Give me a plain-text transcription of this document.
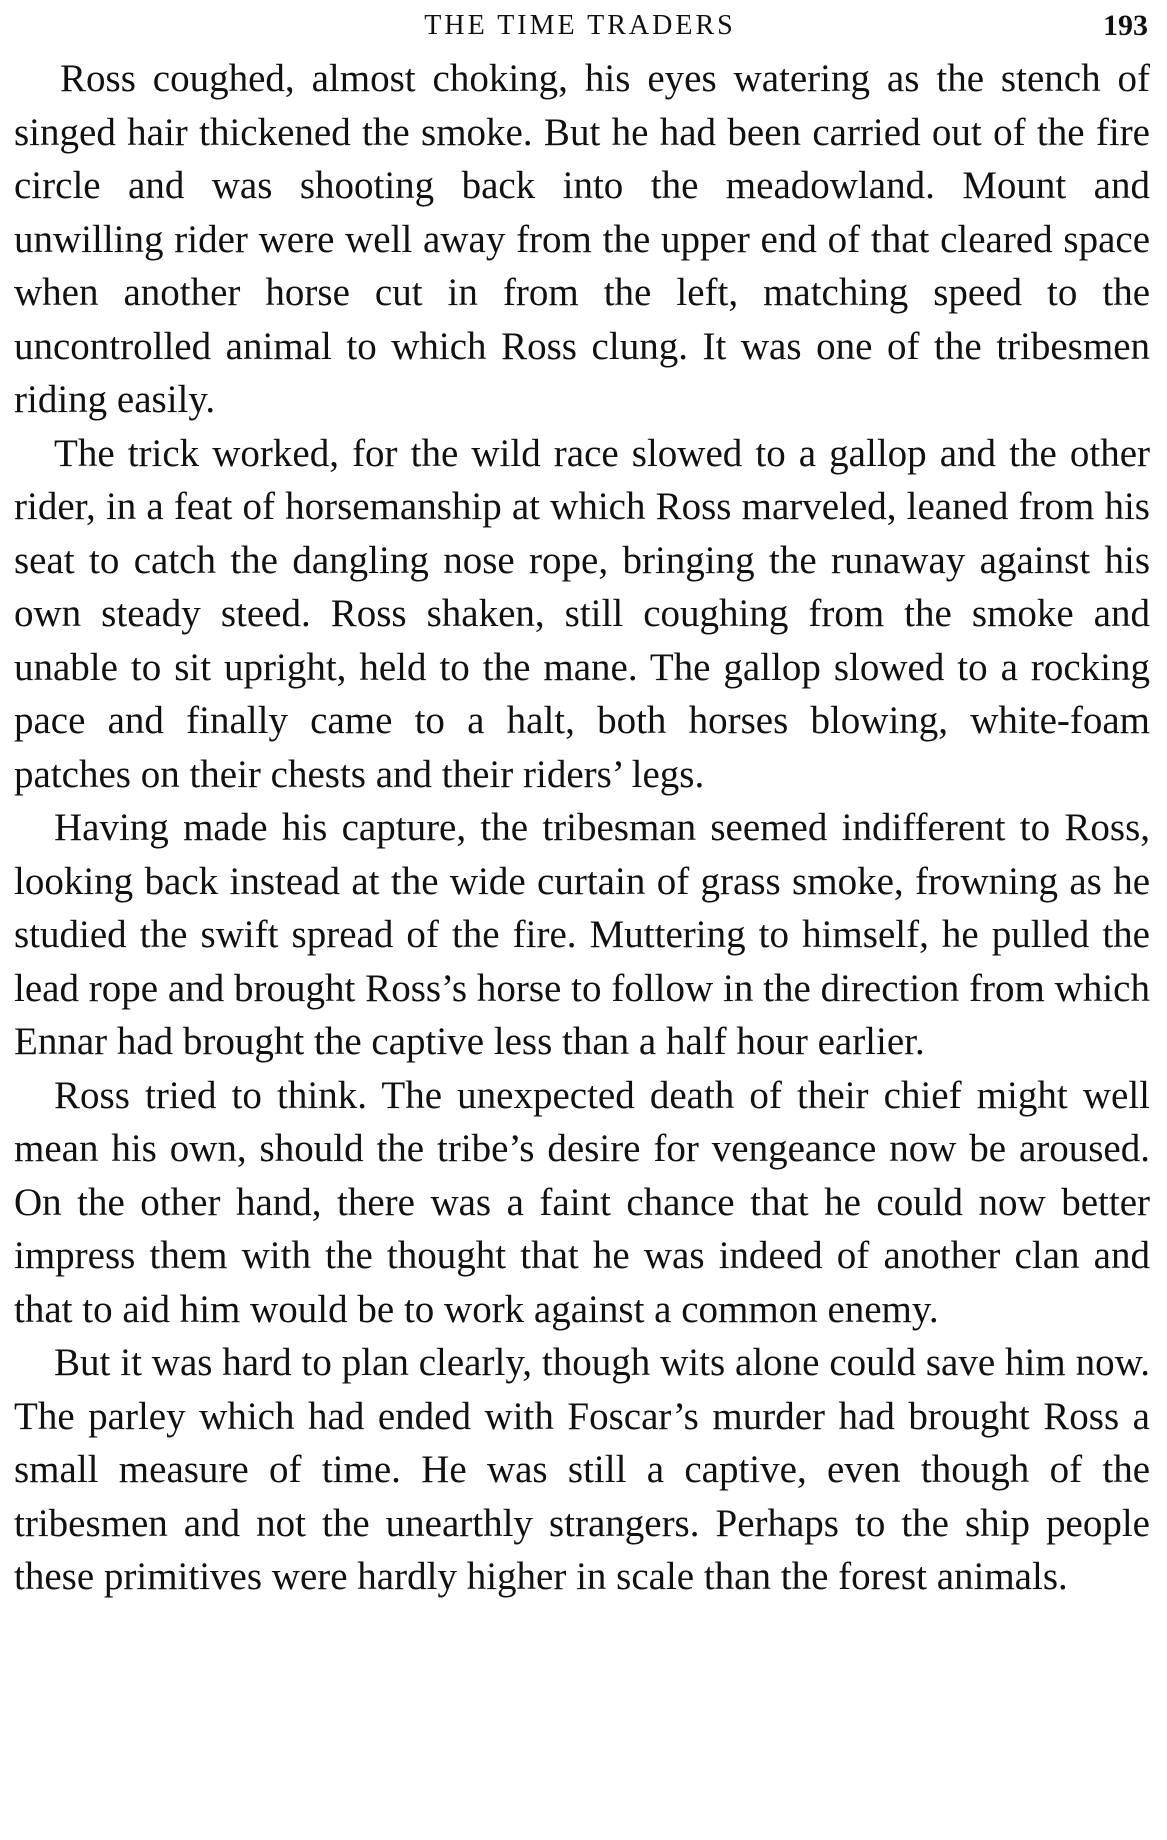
THE TIME TRADERS	193

Ross coughed, almost choking, his eyes watering as the stench of singed hair thickened the smoke. But he had been carried out of the fire circle and was shooting back into the meadowland. Mount and unwilling rider were well away from the upper end of that cleared space when another horse cut in from the left, matching speed to the uncontrolled animal to which Ross clung. It was one of the tribesmen riding easily.

The trick worked, for the wild race slowed to a gallop and the other rider, in a feat of horsemanship at which Ross marveled, leaned from his seat to catch the dangling nose rope, bringing the runaway against his own steady steed. Ross shaken, still coughing from the smoke and unable to sit upright, held to the mane. The gallop slowed to a rocking pace and finally came to a halt, both horses blowing, white-foam patches on their chests and their riders’ legs.

Having made his capture, the tribesman seemed indifferent to Ross, looking back instead at the wide curtain of grass smoke, frowning as he studied the swift spread of the fire. Muttering to himself, he pulled the lead rope and brought Ross’s horse to follow in the direction from which Ennar had brought the captive less than a half hour earlier.

Ross tried to think. The unexpected death of their chief might well mean his own, should the tribe’s desire for vengeance now be aroused. On the other hand, there was a faint chance that he could now better impress them with the thought that he was indeed of another clan and that to aid him would be to work against a common enemy.

But it was hard to plan clearly, though wits alone could save him now. The parley which had ended with Foscar’s murder had brought Ross a small measure of time. He was still a captive, even though of the tribesmen and not the unearthly strangers. Perhaps to the ship people these primitives were hardly higher in scale than the forest animals.
